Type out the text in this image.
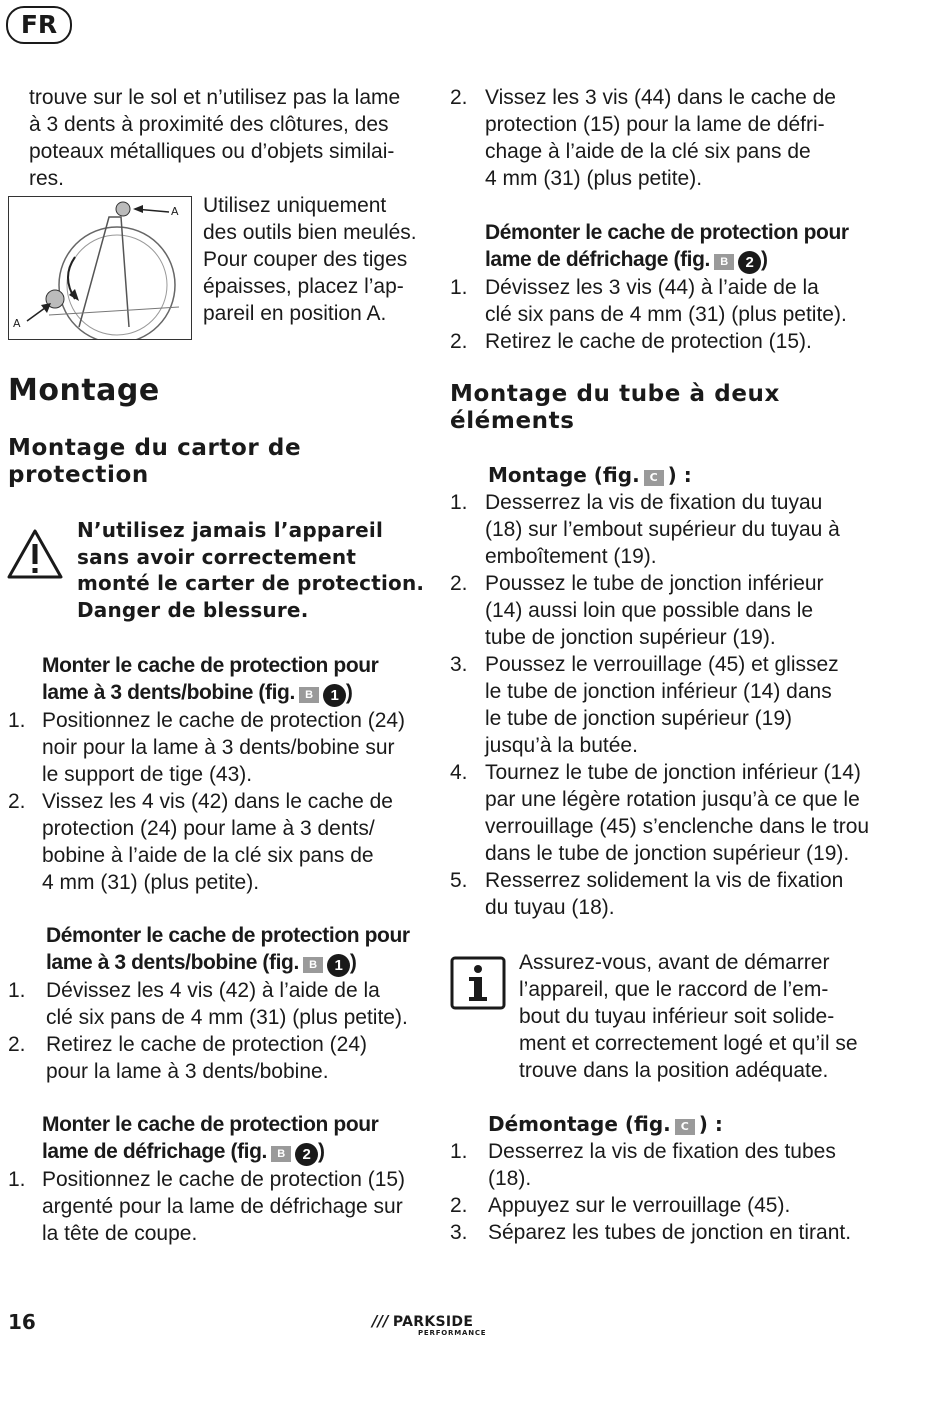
FR

trouve sur le sol et n’utilisez pas la lame

à 3 dents à proximité des clôtures, des

poteaux métalliques ou d’objets similai-

res.

A
A

Utilisez uniquement

des outils bien meulés.

Pour couper des tiges

épaisses, placez l’ap-

pareil en position A.

Montage

Montage du cartor de

protection

N’utilisez jamais l’appareil

sans avoir correctement

monté le carter de protection.

Danger de blessure.

Monter le cache de protection pour

lame à 3 dents/bobine (fig. B 1 )

1. Positionnez le cache de protection (24)
noir pour la lame à 3 dents/bobine sur
le support de tige (43).
2. Vissez les 4 vis (42) dans le cache de
protection (24) pour lame à 3 dents/
bobine à l’aide de la clé six pans de
4 mm (31) (plus petite).

Démonter le cache de protection pour

lame à 3 dents/bobine (fig. B 1 )

1. Dévissez les 4 vis (42) à l’aide de la
clé six pans de 4 mm (31) (plus petite).
2. Retirez le cache de protection (24)
pour la lame à 3 dents/bobine.

Monter le cache de protection pour

lame de défrichage (fig. B 2 )

1. Positionnez le cache de protection (15)
argenté pour la lame de défrichage sur
la tête de coupe.
2. Vissez les 3 vis (44) dans le cache de
protection (15) pour la lame de défri-
chage à l’aide de la clé six pans de
4 mm (31) (plus petite).

Démonter le cache de protection pour

lame de défrichage (fig. B 2 )

1. Dévissez les 3 vis (44) à l’aide de la
clé six pans de 4 mm (31) (plus petite).
2. Retirez le cache de protection (15).

Montage du tube à deux

éléments

Montage (fig. C ) :

1. Desserrez la vis de fixation du tuyau
(18) sur l’embout supérieur du tuyau à
emboîtement (19).
2. Poussez le tube de jonction inférieur
(14) aussi loin que possible dans le
tube de jonction supérieur (19).
3. Poussez le verrouillage (45) et glissez
le tube de jonction inférieur (14) dans
le tube de jonction supérieur (19)
jusqu’à la butée.
4. Tournez le tube de jonction inférieur (14)
par une légère rotation jusqu’à ce que le
verrouillage (45) s’enclenche dans le trou
dans le tube de jonction supérieur (19).
5. Resserrez solidement la vis de fixation
du tuyau (18).

Assurez-vous, avant de démarrer

l’appareil, que le raccord de l’em-

bout du tuyau inférieur soit solide-

ment et correctement logé et qu’il se

trouve dans la position adéquate.

Démontage (fig. C ) :

1. Desserrez la vis de fixation des tubes
(18).
2. Appuyez sur le verrouillage (45).
3. Séparez les tubes de jonction en tirant.
16	/// PARKSIDE
PERFORMANCE
